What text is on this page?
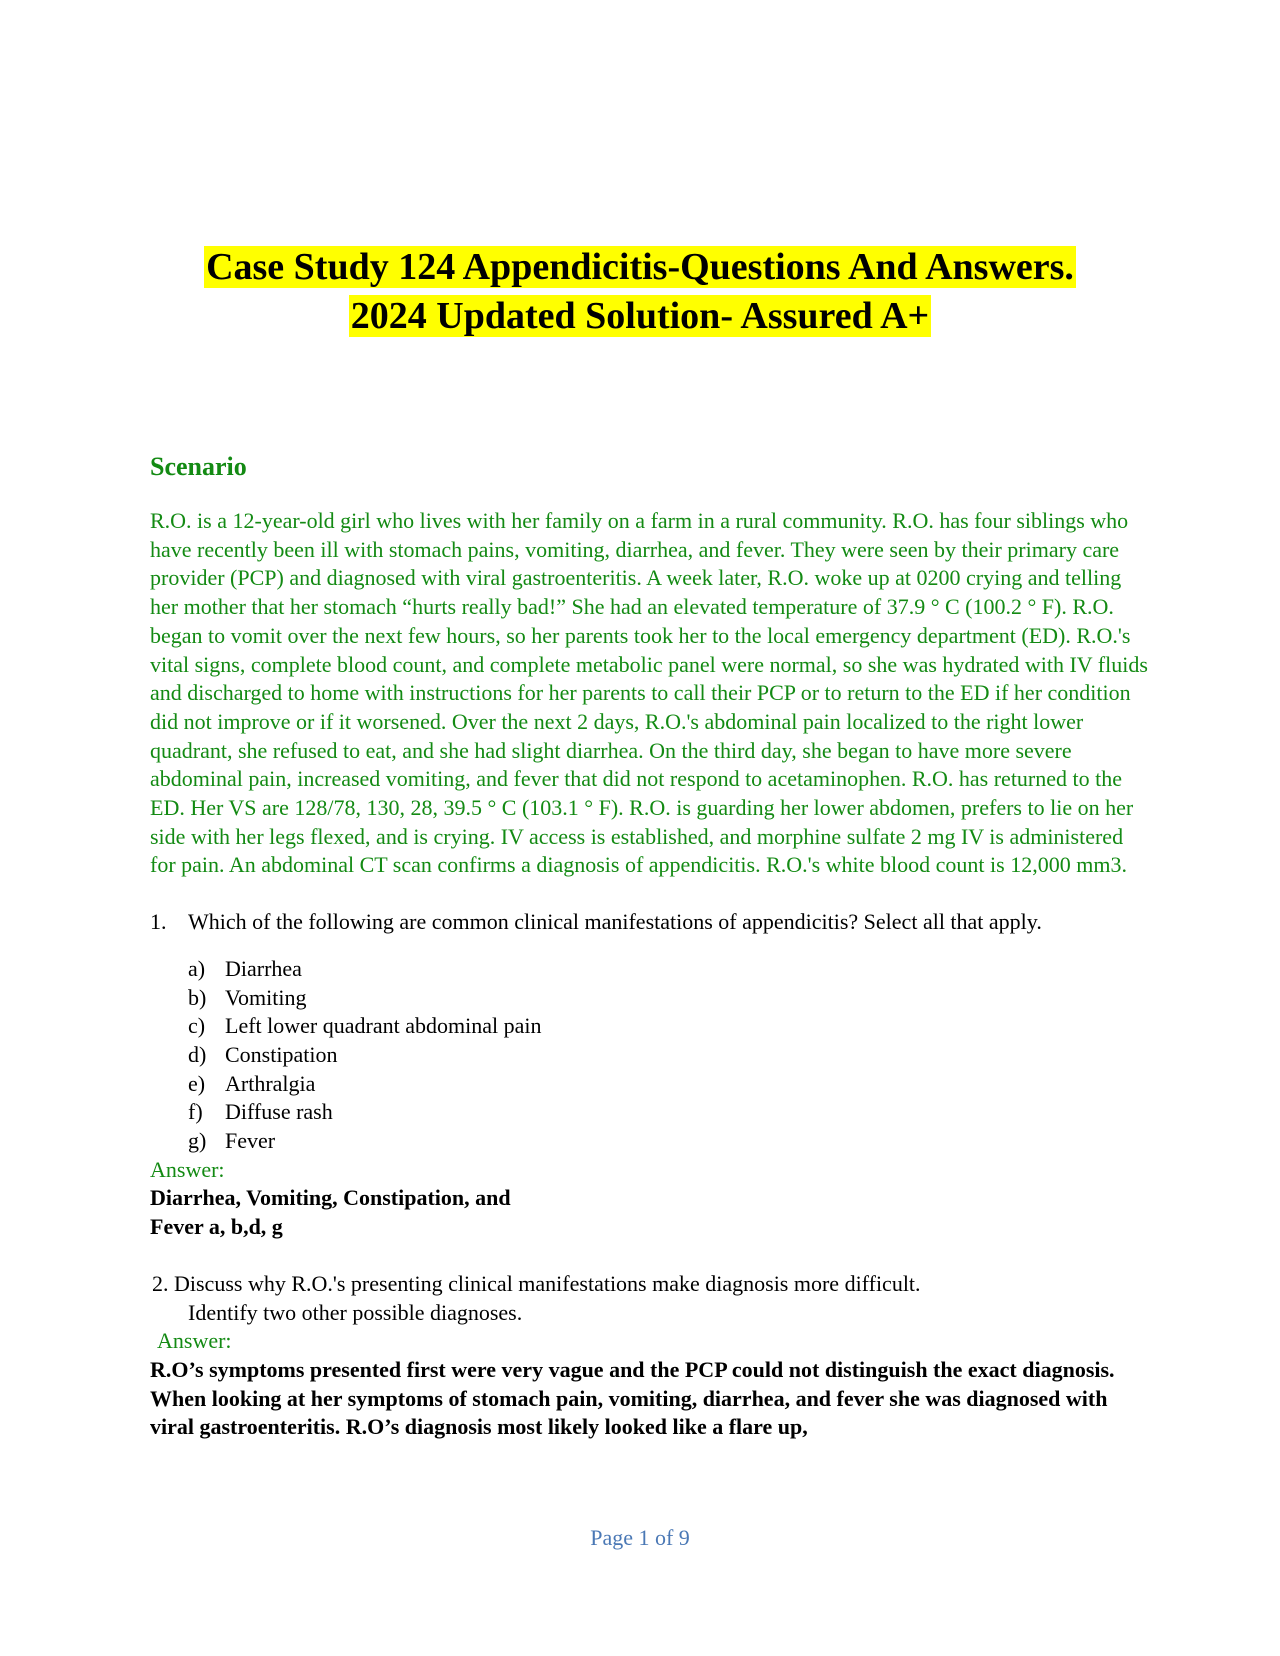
Case Study 124 Appendicitis-Questions And Answers.
2024 Updated Solution- Assured A+
Scenario
R.O. is a 12-year-old girl who lives with her family on a farm in a rural community. R.O. has four siblings who have recently been ill with stomach pains, vomiting, diarrhea, and fever. They were seen by their primary care provider (PCP) and diagnosed with viral gastroenteritis. A week later, R.O. woke up at 0200 crying and telling her mother that her stomach “hurts really bad!” She had an elevated temperature of 37.9 ° C (100.2 ° F). R.O. began to vomit over the next few hours, so her parents took her to the local emergency department (ED). R.O.'s vital signs, complete blood count, and complete metabolic panel were normal, so she was hydrated with IV fluids and discharged to home with instructions for her parents to call their PCP or to return to the ED if her condition did not improve or if it worsened. Over the next 2 days, R.O.'s abdominal pain localized to the right lower quadrant, she refused to eat, and she had slight diarrhea. On the third day, she began to have more severe abdominal pain, increased vomiting, and fever that did not respond to acetaminophen. R.O. has returned to the ED. Her VS are 128/78, 130, 28, 39.5 ° C (103.1 ° F). R.O. is guarding her lower abdomen, prefers to lie on her side with her legs flexed, and is crying. IV access is established, and morphine sulfate 2 mg IV is administered for pain. An abdominal CT scan confirms a diagnosis of appendicitis. R.O.'s white blood count is 12,000 mm3.
1. Which of the following are common clinical manifestations of appendicitis? Select all that apply.
a) Diarrhea
b) Vomiting
c) Left lower quadrant abdominal pain
d) Constipation
e) Arthralgia
f)	Diffuse rash
g) Fever
Answer:
Diarrhea, Vomiting, Constipation, and
Fever a, b,d, g
2. Discuss why R.O.'s presenting clinical manifestations make diagnosis more difficult.
Identify two other possible diagnoses.
Answer:
R.O’s symptoms presented first were very vague and the PCP could not distinguish the exact diagnosis. When looking at her symptoms of stomach pain, vomiting, diarrhea, and fever she was diagnosed with viral gastroenteritis. R.O’s diagnosis most likely looked like a flare up,
Page 1 of 9
